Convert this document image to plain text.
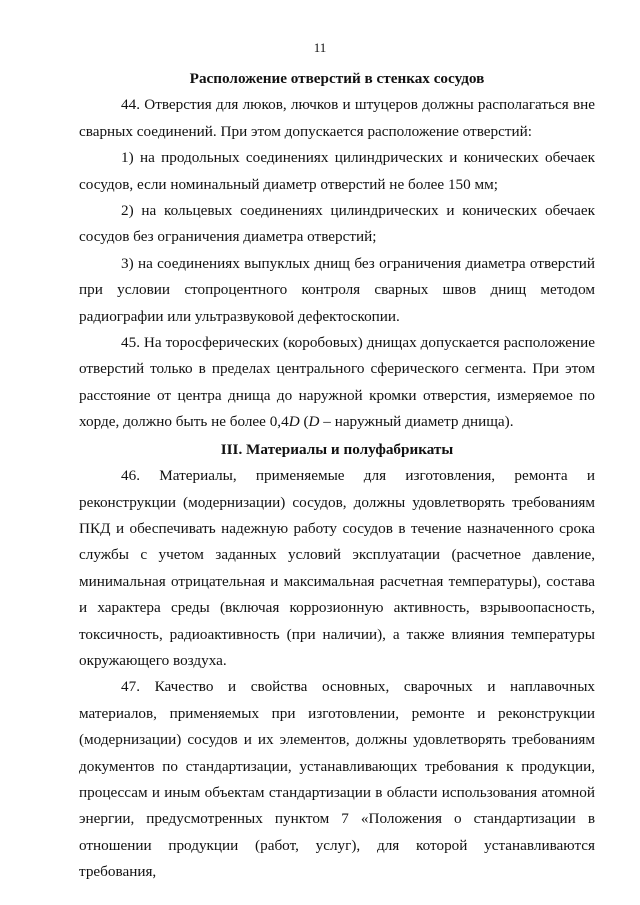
11
Расположение отверстий в стенках сосудов

44. Отверстия для люков, лючков и штуцеров должны располагаться вне сварных соединений. При этом допускается расположение отверстий:

1) на продольных соединениях цилиндрических и конических обечаек сосудов, если номинальный диаметр отверстий не более 150 мм;

2) на кольцевых соединениях цилиндрических и конических обечаек сосудов без ограничения диаметра отверстий;

3) на соединениях выпуклых днищ без ограничения диаметра отверстий при условии стопроцентного контроля сварных швов днищ методом радиографии или ультразвуковой дефектоскопии.

45. На торосферических (коробовых) днищах допускается расположение отверстий только в пределах центрального сферического сегмента. При этом расстояние от центра днища до наружной кромки отверстия, измеряемое по хорде, должно быть не более 0,4D (D – наружный диаметр днища).

III. Материалы и полуфабрикаты

46. Материалы, применяемые для изготовления, ремонта и реконструкции (модернизации) сосудов, должны удовлетворять требованиям ПКД и обеспечивать надежную работу сосудов в течение назначенного срока службы с учетом заданных условий эксплуатации (расчетное давление, минимальная отрицательная и максимальная расчетная температуры), состава и характера среды (включая коррозионную активность, взрывоопасность, токсичность, радиоактивность (при наличии), а также влияния температуры окружающего воздуха.

47. Качество и свойства основных, сварочных и наплавочных материалов, применяемых при изготовлении, ремонте и реконструкции (модернизации) сосудов и их элементов, должны удовлетворять требованиям документов по стандартизации, устанавливающих требования к продукции, процессам и иным объектам стандартизации в области использования атомной энергии, предусмотренных пунктом 7 «Положения о стандартизации в отношении продукции (работ, услуг), для которой устанавливаются требования,
